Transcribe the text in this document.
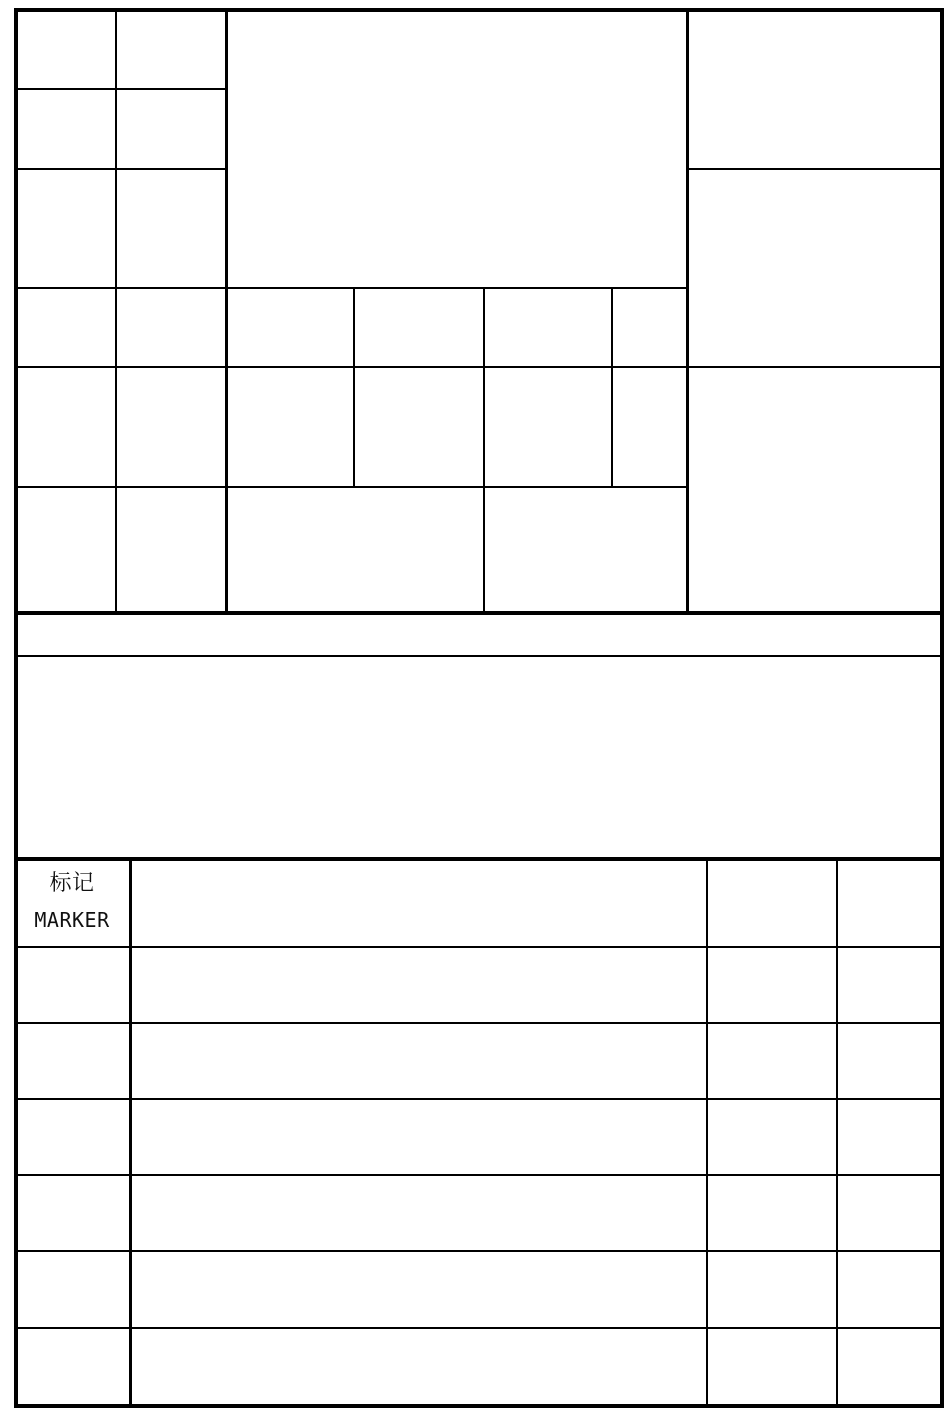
标记
MARKER
